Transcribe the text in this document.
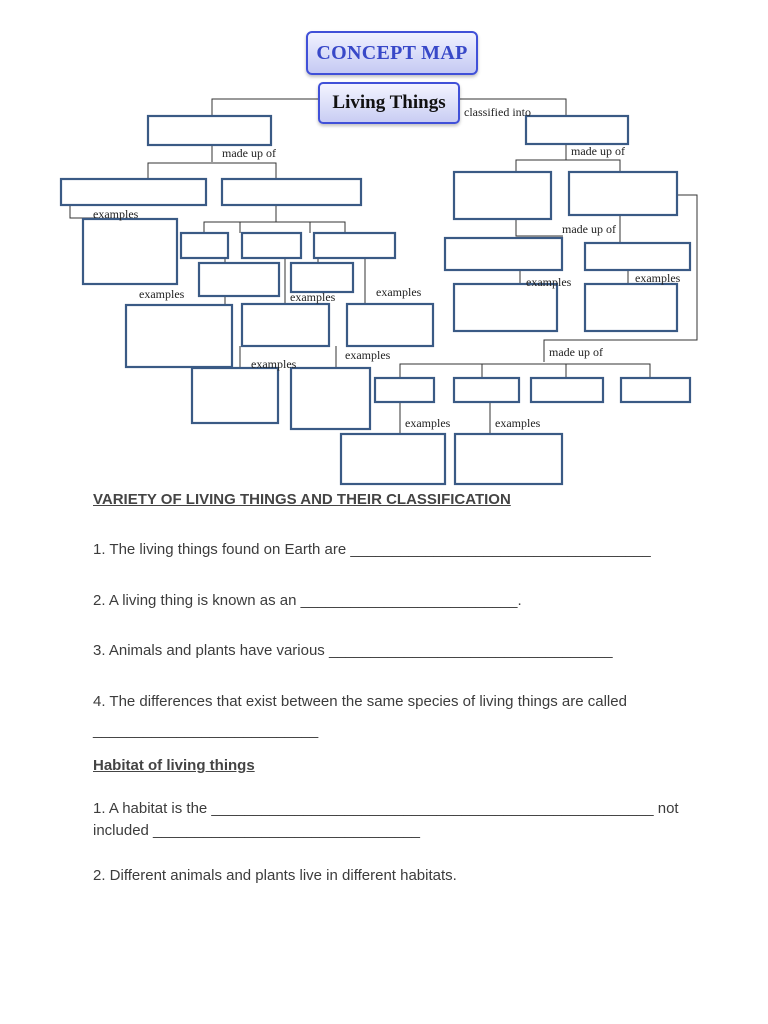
classified into
made up of	made up of
made up of
made up of
examples
examples	examples	examples
examples
examples
examples	examples
examples	examples
CONCEPT MAP
Living Things
VARIETY OF LIVING THINGS AND THEIR CLASSIFICATION
1. The living things found on Earth are ____________________________________
2. A living thing is known as an __________________________.
3. Animals and plants have various __________________________________
4. The differences that exist between the same species of living things are called
___________________________
Habitat of living things
1. A habitat is the _____________________________________________________ not
included ________________________________
2. Different animals and plants live in different habitats.
